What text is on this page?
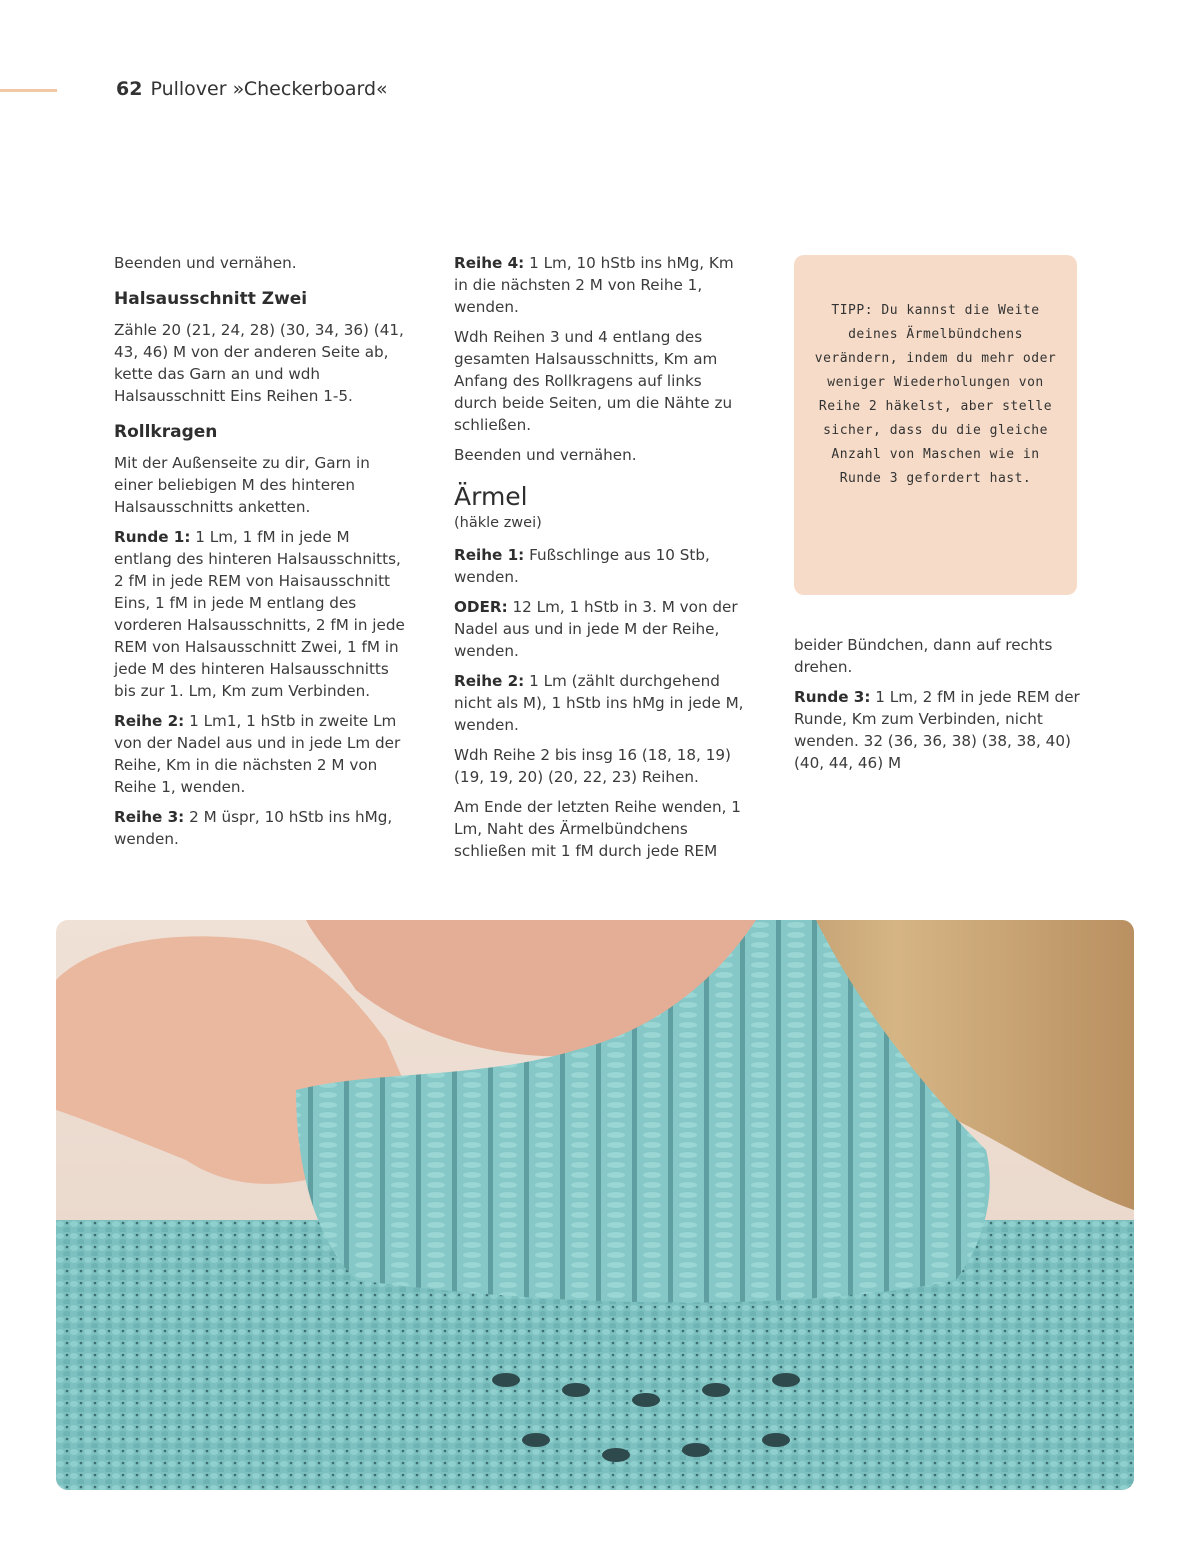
62 Pullover »Checkerboard«

Beenden und vernähen.

Halsausschnitt Zwei

Zähle 20 (21, 24, 28) (30, 34, 36) (41, 43, 46) M von der anderen Seite ab, kette das Garn an und wdh Halsausschnitt Eins Reihen 1-5.

Rollkragen

Mit der Außenseite zu dir, Garn in einer beliebigen M des hinteren Halsausschnitts anketten.

Runde 1: 1 Lm, 1 fM in jede M entlang des hinteren Halsausschnitts, 2 fM in jede REM von Haisausschnitt Eins, 1 fM in jede M entlang des vorderen Halsausschnitts, 2 fM in jede REM von Halsausschnitt Zwei, 1 fM in jede M des hinteren Halsausschnitts bis zur 1. Lm, Km zum Verbinden.

Reihe 2: 1 Lm1, 1 hStb in zweite Lm von der Nadel aus und in jede Lm der Reihe, Km in die nächsten 2 M von Reihe 1, wenden.

Reihe 3: 2 M üspr, 10 hStb ins hMg, wenden.

Reihe 4: 1 Lm, 10 hStb ins hMg, Km in die nächsten 2 M von Reihe 1, wenden.

Wdh Reihen 3 und 4 entlang des gesamten Halsausschnitts, Km am Anfang des Rollkragens auf links durch beide Seiten, um die Nähte zu schließen.

Beenden und vernähen.

Ärmel

(häkle zwei)

Reihe 1: Fußschlinge aus 10 Stb, wenden.

ODER: 12 Lm, 1 hStb in 3. M von der Nadel aus und in jede M der Reihe, wenden.

Reihe 2: 1 Lm (zählt durchgehend nicht als M), 1 hStb ins hMg in jede M, wenden.

Wdh Reihe 2 bis insg 16 (18, 18, 19) (19, 19, 20) (20, 22, 23) Reihen.

Am Ende der letzten Reihe wenden, 1 Lm, Naht des Ärmelbündchens schließen mit 1 fM durch jede REM

TIPP: Du kannst die Weite deines Ärmelbündchens verändern, indem du mehr oder weniger Wiederholungen von Reihe 2 häkelst, aber stelle sicher, dass du die gleiche Anzahl von Maschen wie in Runde 3 gefordert hast.

beider Bündchen, dann auf rechts drehen.

Runde 3: 1 Lm, 2 fM in jede REM der Runde, Km zum Verbinden, nicht wenden. 32 (36, 36, 38) (38, 38, 40) (40, 44, 46) M
